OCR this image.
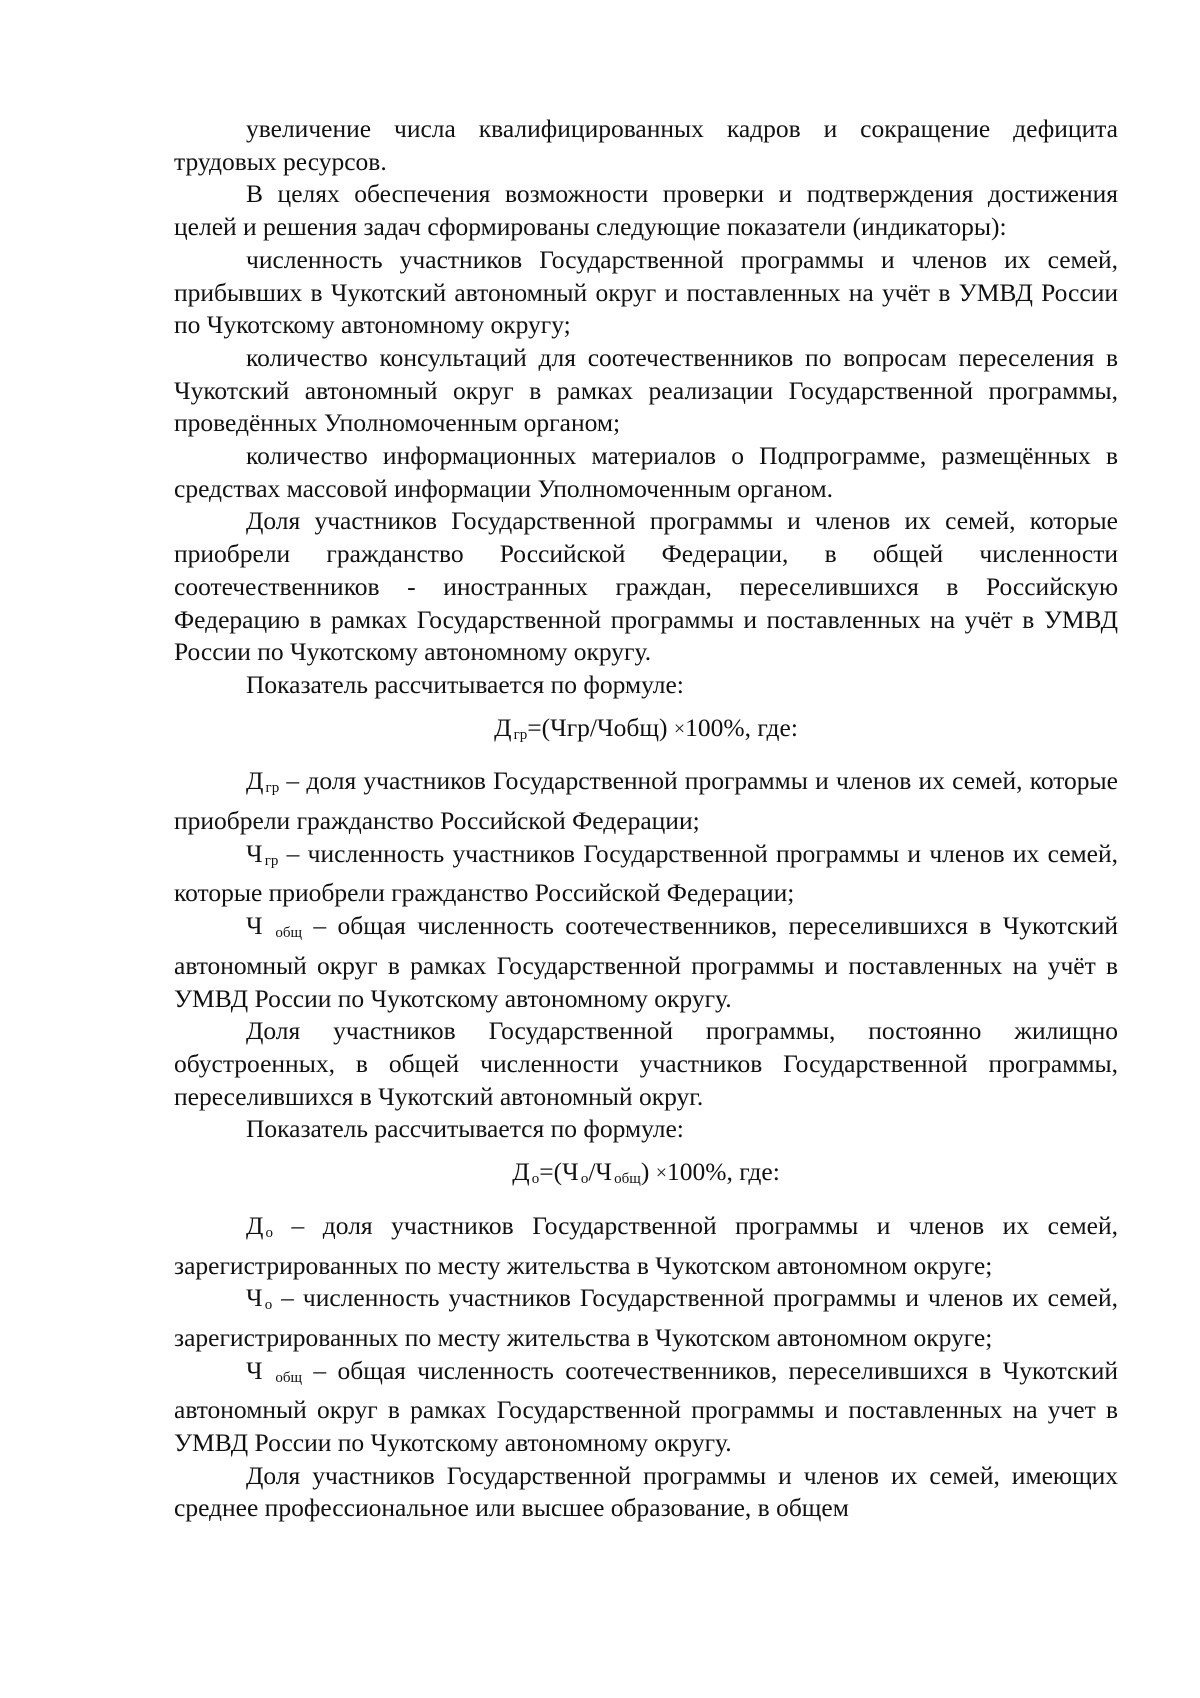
увеличение числа квалифицированных кадров и сокращение дефицита трудовых ресурсов.

В целях обеспечения возможности проверки и подтверждения достижения целей и решения задач сформированы следующие показатели (индикаторы):

численность участников Государственной программы и членов их семей, прибывших в Чукотский автономный округ и поставленных на учёт в УМВД России по Чукотскому автономному округу;

количество консультаций для соотечественников по вопросам переселения в Чукотский автономный округ в рамках реализации Государственной программы, проведённых Уполномоченным органом;

количество информационных материалов о Подпрограмме, размещённых в средствах массовой информации Уполномоченным органом.

Доля участников Государственной программы и членов их семей, которые приобрели гражданство Российской Федерации, в общей численности соотечественников - иностранных граждан, переселившихся в Российскую Федерацию в рамках Государственной программы и поставленных на учёт в УМВД России по Чукотскому автономному округу.

Показатель рассчитывается по формуле:

Д  $_{гр}$=(Чгр/Чобщ) ×100%, где:

Д  $_{гр}$ – доля участников Государственной программы и членов их семей, которые приобрели гражданство Российской Федерации;

Ч  $_{гр}$ – численность участников Государственной программы и членов их семей, которые приобрели гражданство Российской Федерации;

Ч  $_{общ}$ – общая численность соотечественников, переселившихся в Чукотский автономный округ в рамках Государственной программы и поставленных на учёт в УМВД России по Чукотскому автономному округу.

Доля участников Государственной программы, постоянно жилищно обустроенных, в общей численности участников Государственной программы, переселившихся в Чукотский автономный округ.

Показатель рассчитывается по формуле:

Д  $_о$=(Ч  $_о$/Ч  $_{общ}$) ×100%, где:

Д  $_о$ – доля участников Государственной программы и членов их семей, зарегистрированных по месту жительства в Чукотском автономном округе;

Ч  $_о$ – численность участников Государственной программы и членов их семей, зарегистрированных по месту жительства в Чукотском автономном округе;

Ч  $_{общ}$ – общая численность соотечественников, переселившихся в Чукотский автономный округ в рамках Государственной программы и поставленных на учет в УМВД России по Чукотскому автономному округу.

Доля участников Государственной программы и членов их семей, имеющих среднее профессиональное или высшее образование, в общем
